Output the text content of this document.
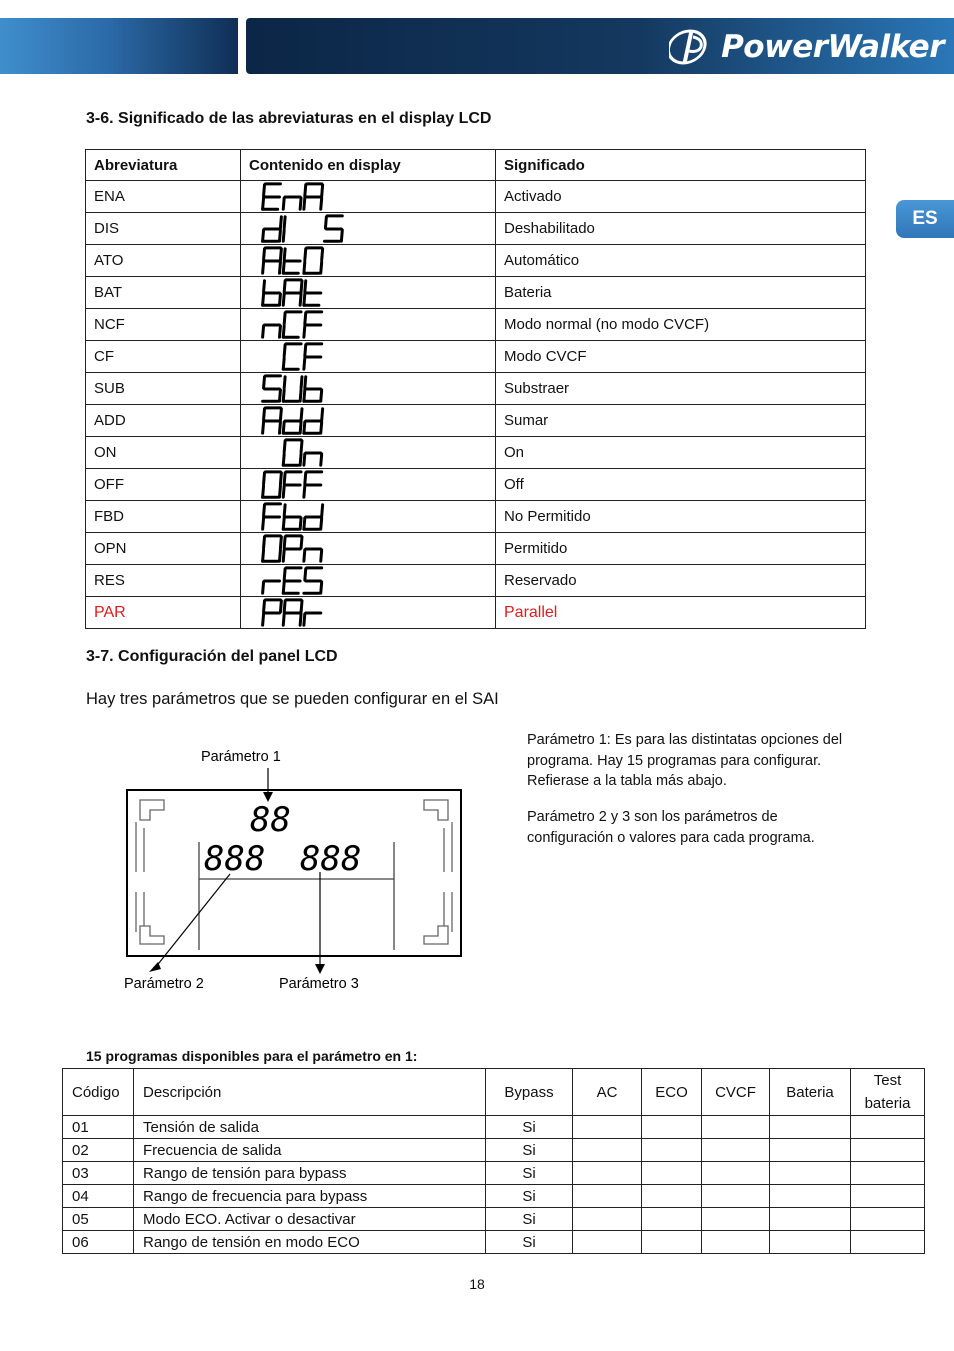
PowerWalker
ES
3-6. Significado de las abreviaturas en el display LCD
Abreviatura	Contenido en display	Significado
ENA		Activado
DIS		Deshabilitado
ATO		Automático
BAT		Bateria
NCF		Modo normal (no modo CVCF)
CF		Modo CVCF
SUB		Substraer
ADD		Sumar
ON		On
OFF		Off
FBD		No Permitido
OPN		Permitido
RES		Reservado
PAR		Parallel
3-7. Configuración del panel LCD
Hay tres parámetros que se pueden configurar en el SAI
Parámetro 1
88
888 888
Parámetro 2	Parámetro 3
Parámetro 1: Es para las distintatas opciones del
programa. Hay 15 programas para configurar.
Refierase a la tabla más abajo.
Parámetro 2 y 3 son los parámetros de
configuración o valores para cada programa.
15 programas disponibles para el parámetro en 1:
Código	Descripción	Bypass	AC	ECO	CVCF	Bateria	Test
bateria
01	Tensión de salida	Si					
02	Frecuencia de salida	Si					
03	Rango de tensión para bypass	Si					
04	Rango de frecuencia para bypass	Si					
05	Modo ECO. Activar o desactivar	Si					
06	Rango de tensión en modo ECO	Si					
18
